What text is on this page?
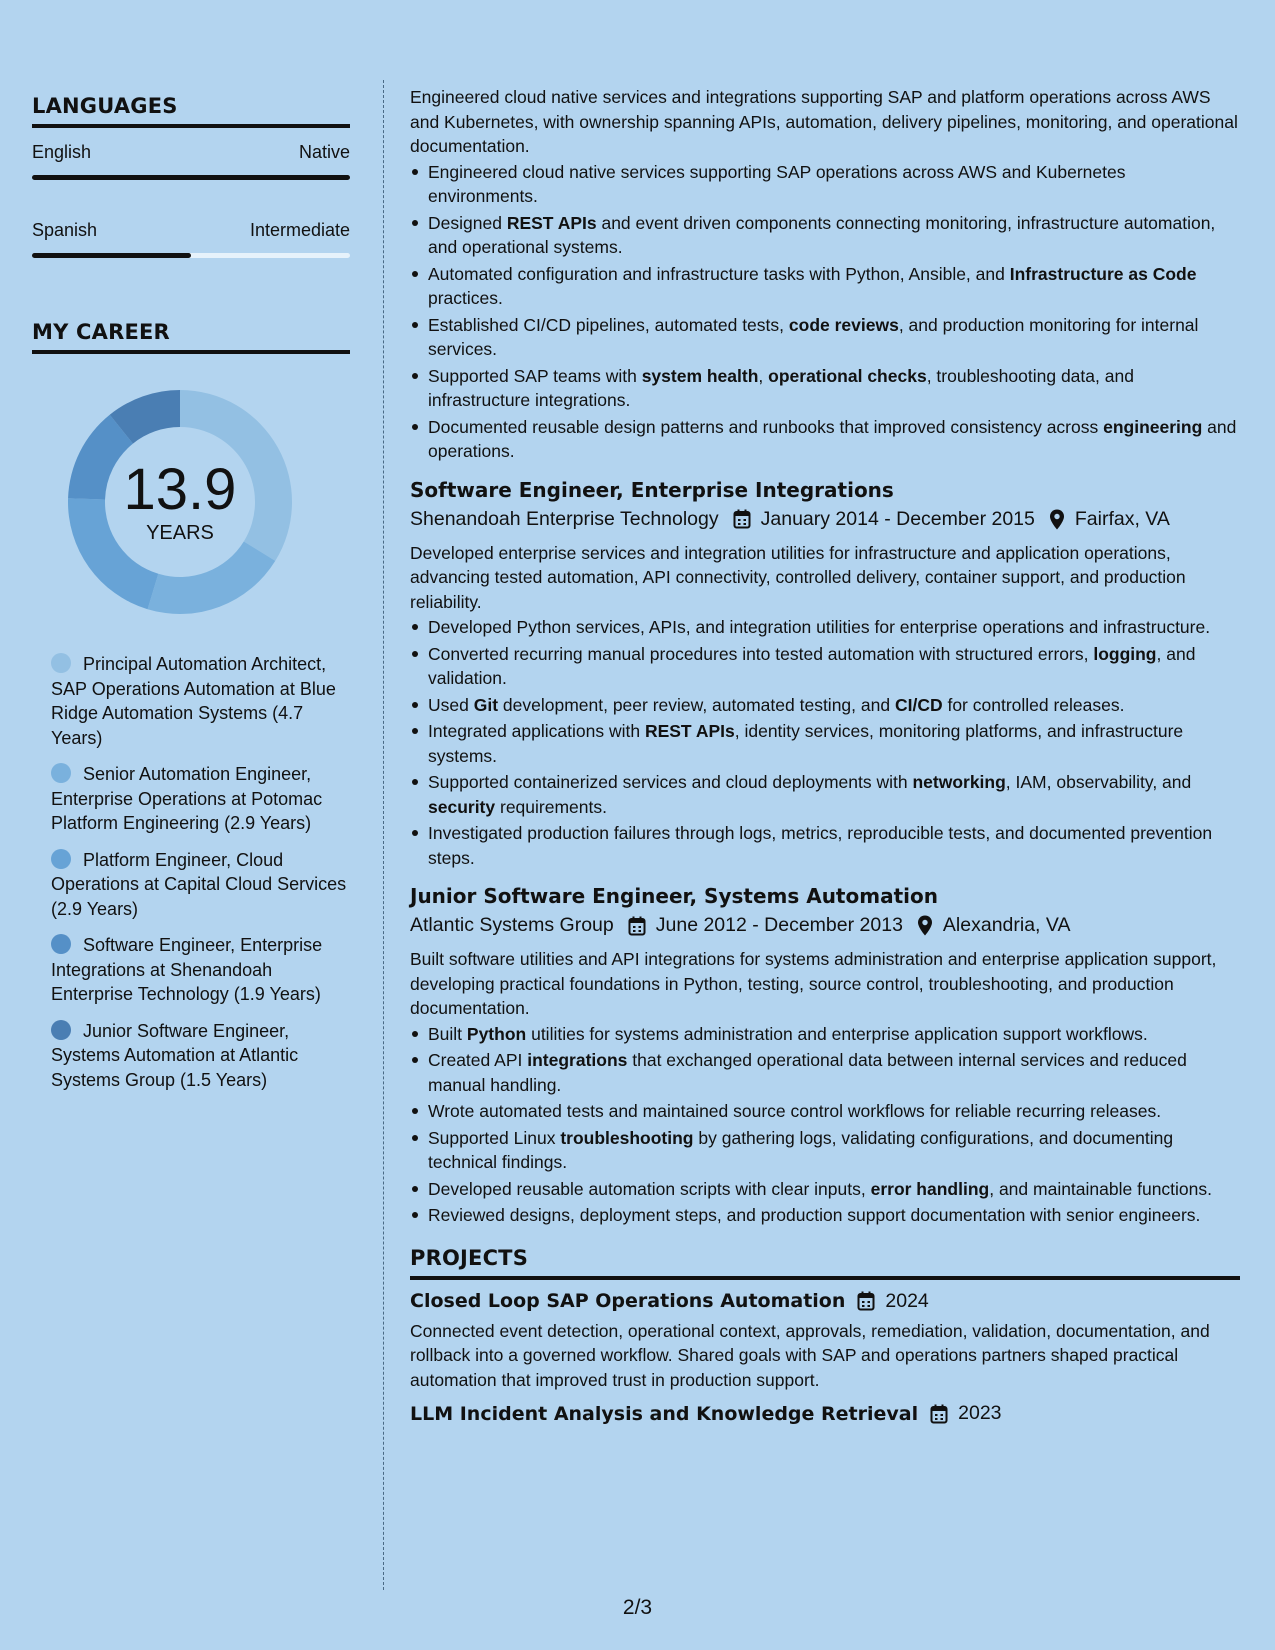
LANGUAGES
English	Native
Spanish	Intermediate
MY CAREER
13.9
YEARS
Principal Automation Architect, SAP Operations Automation at Blue Ridge Automation Systems (4.7 Years)
Senior Automation Engineer, Enterprise Operations at Potomac Platform Engineering (2.9 Years)
Platform Engineer, Cloud Operations at Capital Cloud Services (2.9 Years)
Software Engineer, Enterprise Integrations at Shenandoah Enterprise Technology (1.9 Years)
Junior Software Engineer, Systems Automation at Atlantic Systems Group (1.5 Years)
Engineered cloud native services and integrations supporting SAP and platform operations across AWS and Kubernetes, with ownership spanning APIs, automation, delivery pipelines, monitoring, and operational documentation.
Engineered cloud native services supporting SAP operations across AWS and Kubernetes environments.
Designed REST APIs and event driven components connecting monitoring, infrastructure automation, and operational systems.
Automated configuration and infrastructure tasks with Python, Ansible, and Infrastructure as Code practices.
Established CI/CD pipelines, automated tests, code reviews, and production monitoring for internal services.
Supported SAP teams with system health, operational checks, troubleshooting data, and infrastructure integrations.
Documented reusable design patterns and runbooks that improved consistency across engineering and operations.
Software Engineer, Enterprise Integrations
Shenandoah Enterprise Technology January 2014 - December 2015 Fairfax, VA
Developed enterprise services and integration utilities for infrastructure and application operations, advancing tested automation, API connectivity, controlled delivery, container support, and production reliability.
Developed Python services, APIs, and integration utilities for enterprise operations and infrastructure.
Converted recurring manual procedures into tested automation with structured errors, logging, and validation.
Used Git development, peer review, automated testing, and CI/CD for controlled releases.
Integrated applications with REST APIs, identity services, monitoring platforms, and infrastructure systems.
Supported containerized services and cloud deployments with networking, IAM, observability, and security requirements.
Investigated production failures through logs, metrics, reproducible tests, and documented prevention steps.
Junior Software Engineer, Systems Automation
Atlantic Systems Group June 2012 - December 2013 Alexandria, VA
Built software utilities and API integrations for systems administration and enterprise application support, developing practical foundations in Python, testing, source control, troubleshooting, and production documentation.
Built Python utilities for systems administration and enterprise application support workflows.
Created API integrations that exchanged operational data between internal services and reduced manual handling.
Wrote automated tests and maintained source control workflows for reliable recurring releases.
Supported Linux troubleshooting by gathering logs, validating configurations, and documenting technical findings.
Developed reusable automation scripts with clear inputs, error handling, and maintainable functions.
Reviewed designs, deployment steps, and production support documentation with senior engineers.
PROJECTS
Closed Loop SAP Operations Automation 2024
Connected event detection, operational context, approvals, remediation, validation, documentation, and rollback into a governed workflow. Shared goals with SAP and operations partners shaped practical automation that improved trust in production support.
LLM Incident Analysis and Knowledge Retrieval 2023
2/3
